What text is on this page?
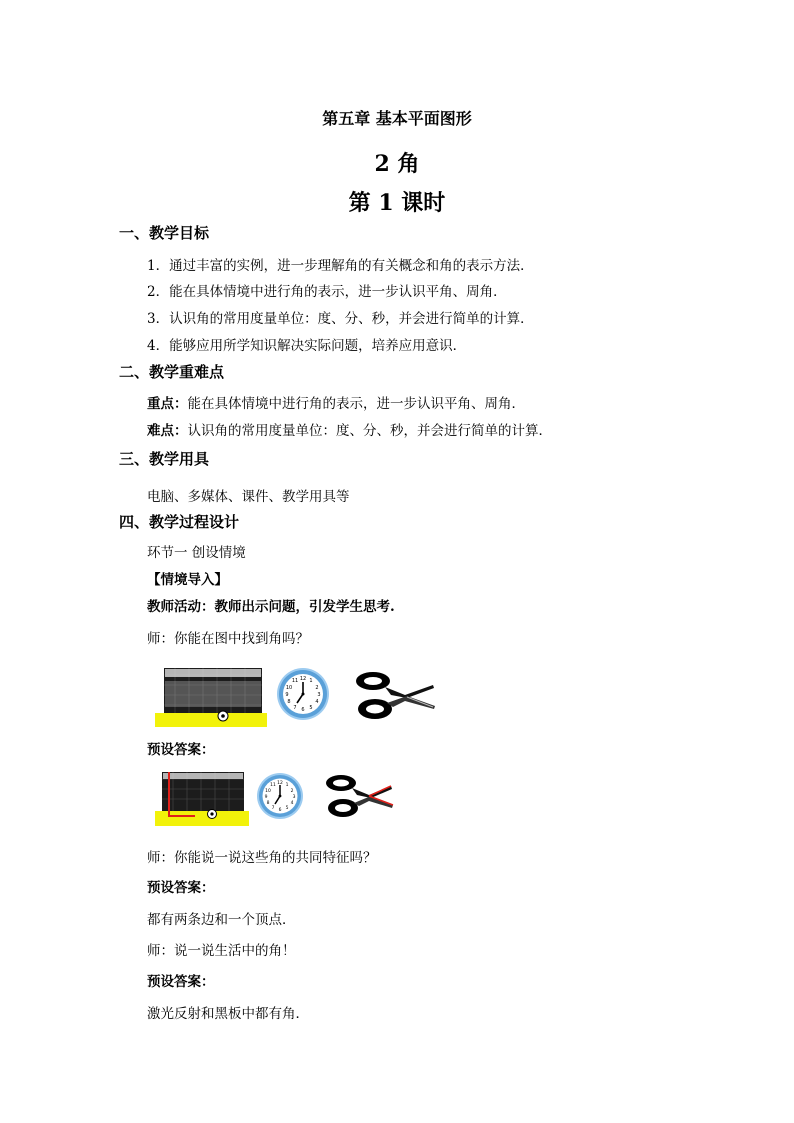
第五章 基本平面图形
2 角
第 1 课时
一、教学目标
1．通过丰富的实例，进一步理解角的有关概念和角的表示方法．
2．能在具体情境中进行角的表示，进一步认识平角、周角．
3．认识角的常用度量单位：度、分、秒，并会进行简单的计算．
4．能够应用所学知识解决实际问题，培养应用意识．
二、教学重难点
重点：能在具体情境中进行角的表示，进一步认识平角、周角．
难点：认识角的常用度量单位：度、分、秒，并会进行简单的计算．
三、教学用具
电脑、多媒体、课件、教学用具等
四、教学过程设计
环节一 创设情境
【情境导入】
教师活动：教师出示问题，引发学生思考.
师：你能在图中找到角吗？
12 1
2
3
4
5
6
7
8
9
10
11
预设答案：
12 1
2
3
4
5
6
7
8
9
10
11
师：你能说一说这些角的共同特征吗？
预设答案：
都有两条边和一个顶点．
师：说一说生活中的角！
预设答案：
激光反射和黑板中都有角．
